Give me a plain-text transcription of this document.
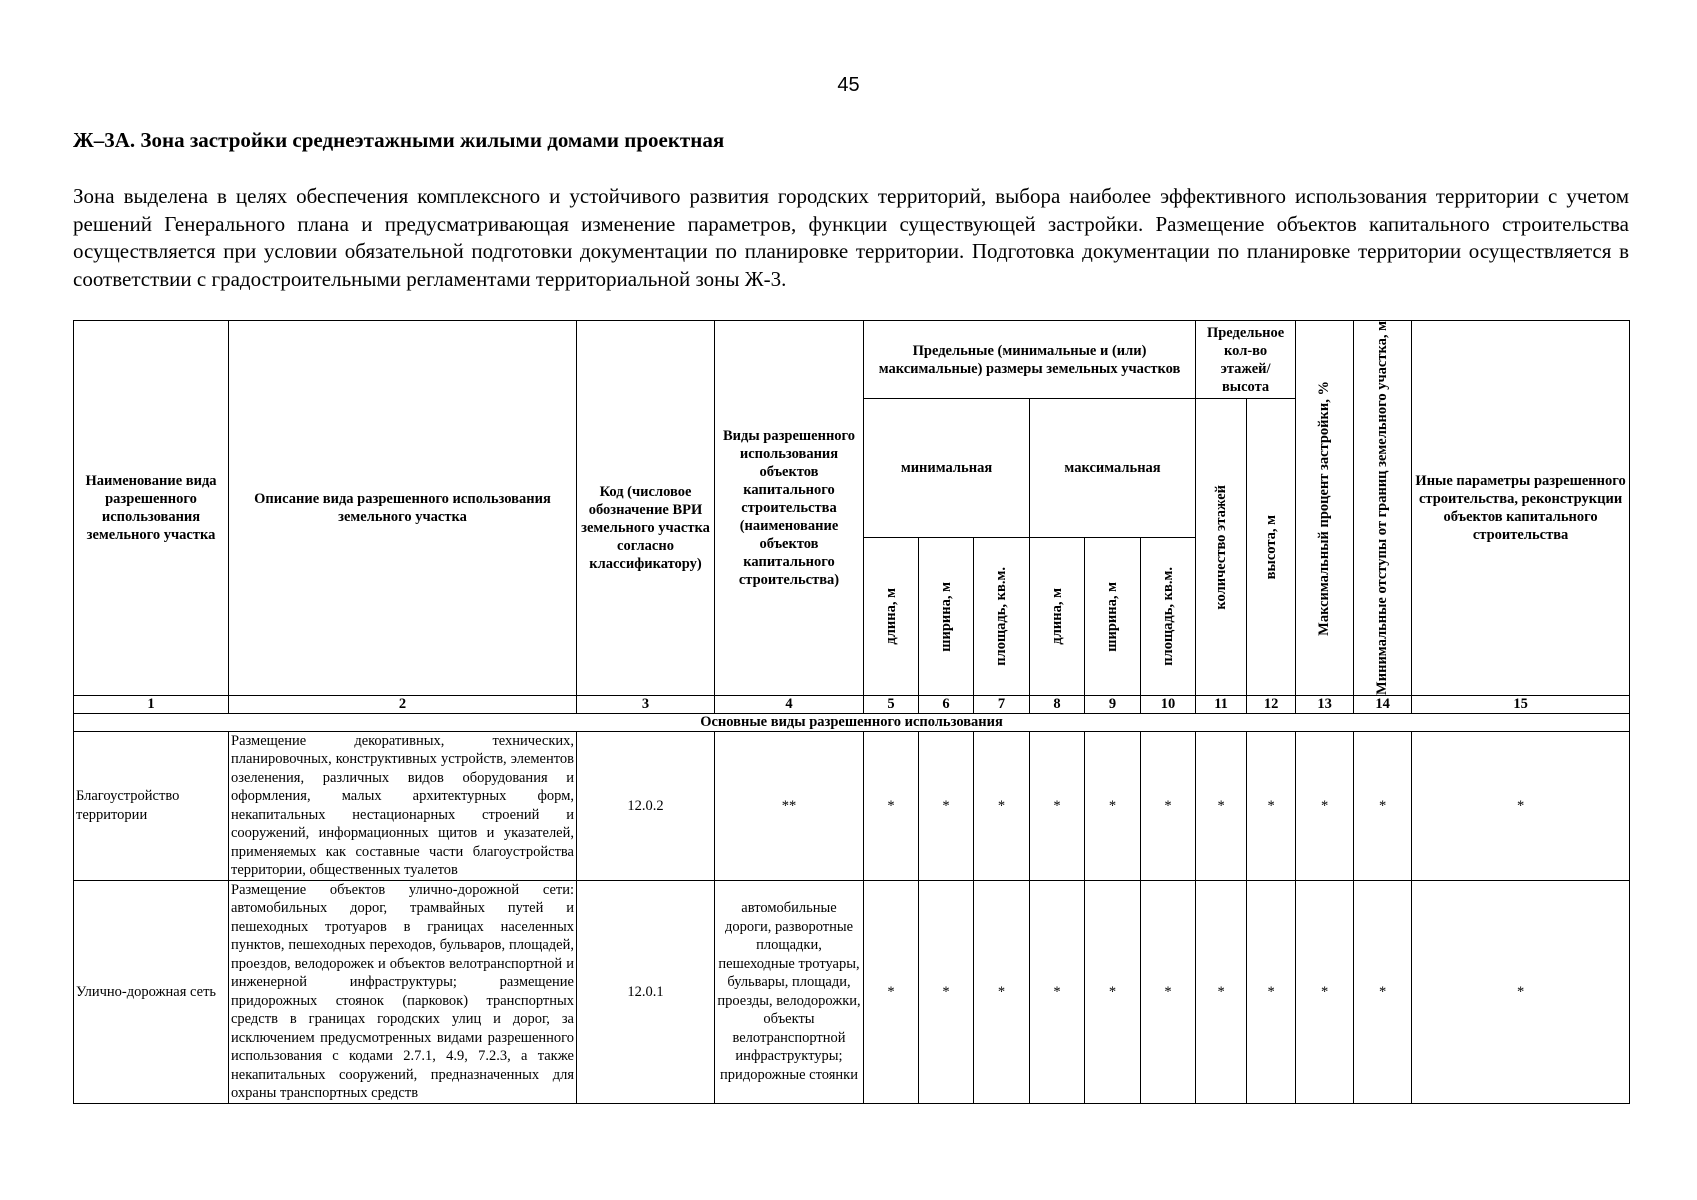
45
Ж–3А. Зона застройки среднеэтажными жилыми домами проектная

Зона выделена в целях обеспечения комплексного и устойчивого развития городских территорий, выбора наиболее эффективного использования территории с учетом решений Генерального плана и предусматривающая изменение параметров, функции существующей застройки. Размещение объектов капитального строительства осуществляется при условии обязательной подготовки документации по планировке территории. Подготовка документации по планировке территории осуществляется в соответствии с градостроительными регламентами территориальной зоны Ж-3.

Наименование вида разрешенного использования земельного участка	Описание вида разрешенного использования земельного участка	Код (числовое обозначение ВРИ земельного участка согласно классификатору)	Виды разрешенного использования объектов капитального строительства (наименование объектов капитального строительства)	Предельные (минимальные и (или) максимальные) размеры земельных участков						Предельное кол-во этажей/ высота		Максимальный процент застройки, %	Минимальные отступы от границ земельного участка, м	Иные параметры разрешенного строительства, реконструкции объектов капитального строительства
				минимальная			максимальная			количество этажей	высота, м			

				длина, м	ширина, м	площадь, кв.м.	длина, м	ширина, м	площадь, кв.м.					

1	2	3	4	5	6	7	8	9	10	11	12	13	14	15
Основные виды разрешенного использования														
Благоустройство территории	Размещение декоративных, технических, планировочных, конструктивных устройств, элементов озеленения, различных видов оборудования и оформления, малых архитектурных форм, некапитальных нестационарных строений и сооружений, информационных щитов и указателей, применяемых как составные части благоустройства территории, общественных туалетов	12.0.2	**	*	*	*	*	*	*	*	*	*	*	*
Улично-дорожная сеть	Размещение объектов улично-дорожной сети: автомобильных дорог, трамвайных путей и пешеходных тротуаров в границах населенных пунктов, пешеходных переходов, бульваров, площадей, проездов, велодорожек и объектов велотранспортной и инженерной инфраструктуры; размещение придорожных стоянок (парковок) транспортных средств в границах городских улиц и дорог, за исключением предусмотренных видами разрешенного использования с кодами 2.7.1, 4.9, 7.2.3, а также некапитальных сооружений, предназначенных для охраны транспортных средств	12.0.1	автомобильные дороги, разворотные площадки, пешеходные тротуары, бульвары, площади, проезды, велодорожки, объекты велотранспортной инфраструктуры; придорожные стоянки	*	*	*	*	*	*	*	*	*	*	*
